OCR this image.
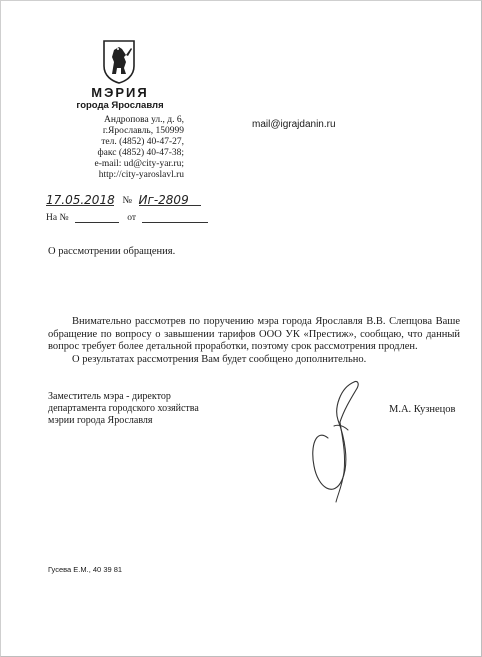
МЭРИЯ
города Ярославля
Андропова ул., д. 6,
г.Ярославль, 150999
тел. (4852) 40-47-27,
факс (4852) 40-47-38;
e-mail: ud@city-yar.ru;
http://city-yaroslavl.ru
mail@igrajdanin.ru
17.05.2018 № Иг-2809
На №	от
О рассмотрении обращения.

Внимательно рассмотрев по поручению мэра города Ярославля В.В. Слепцова Ваше обращение по вопросу о завышении тарифов ООО УК «Престиж», сообщаю, что данный вопрос требует более детальной проработки, поэтому срок рассмотрения продлен.

О результатах рассмотрения Вам будет сообщено дополнительно.

Заместитель мэра - директор
департамента городского хозяйства
мэрии города Ярославля
М.А. Кузнецов
Гусева Е.М., 40 39 81
